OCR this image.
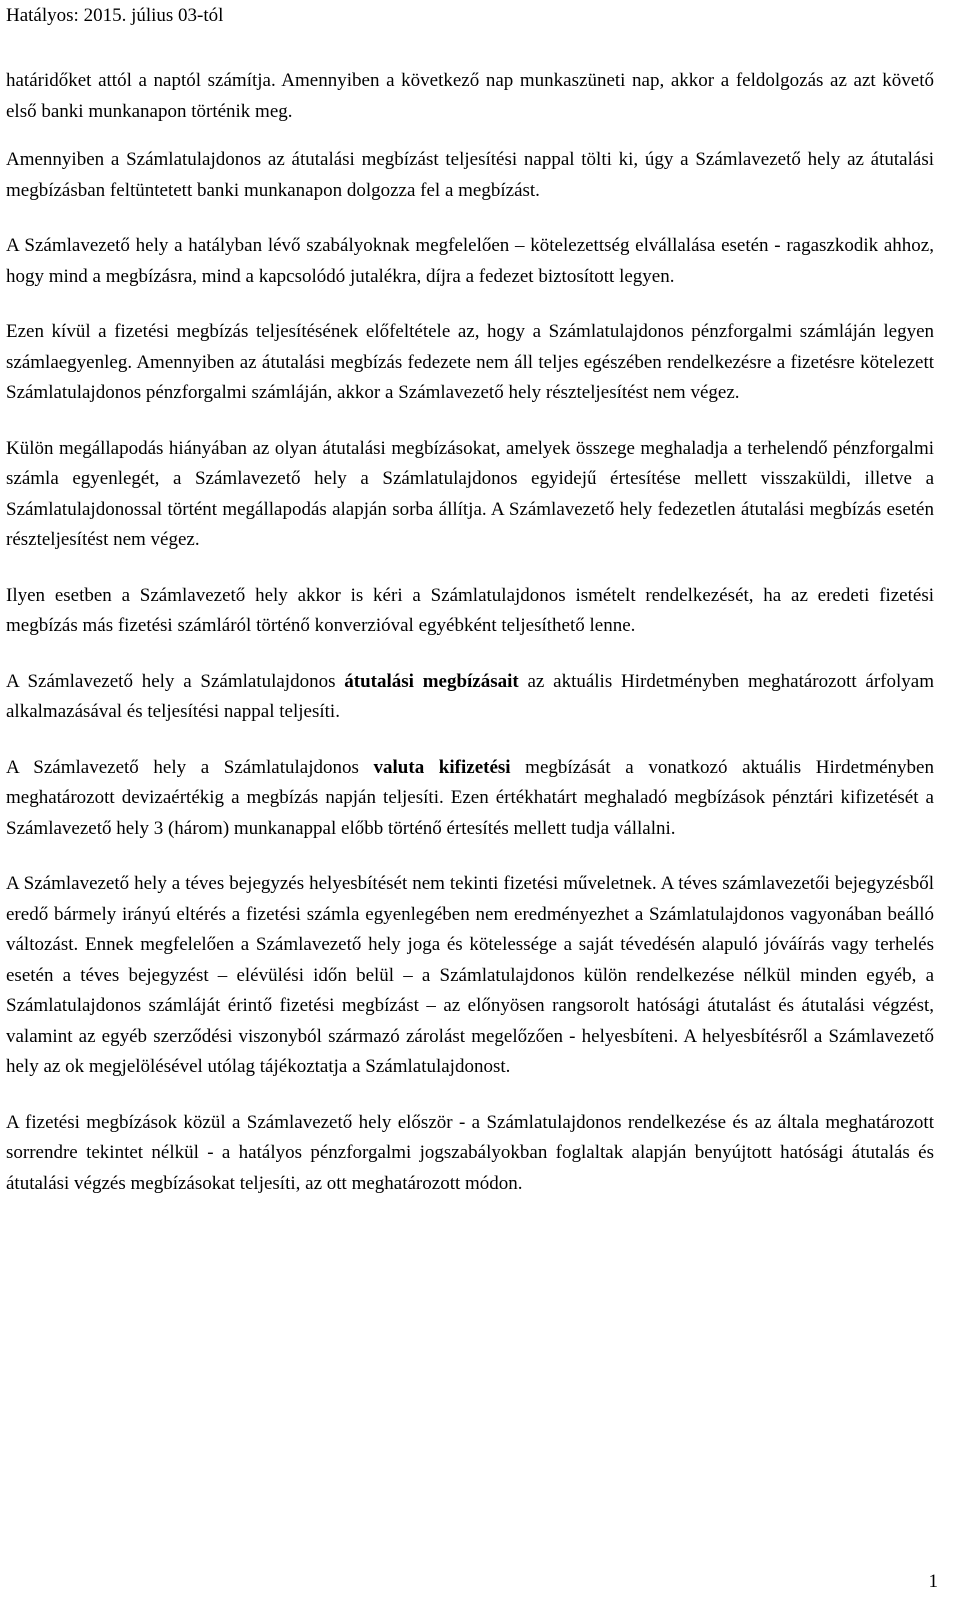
Hatályos: 2015. július 03-tól

határidőket attól a naptól számítja. Amennyiben a következő nap munkaszüneti nap, akkor a feldolgozás az azt követő első banki munkanapon történik meg.

Amennyiben a Számlatulajdonos az átutalási megbízást teljesítési nappal tölti ki, úgy a Számlavezető hely az átutalási megbízásban feltüntetett banki munkanapon dolgozza fel a megbízást.

A Számlavezető hely a hatályban lévő szabályoknak megfelelően – kötelezettség elvállalása esetén - ragaszkodik ahhoz, hogy mind a megbízásra, mind a kapcsolódó jutalékra, díjra a fedezet biztosított legyen.

Ezen kívül a fizetési megbízás teljesítésének előfeltétele az, hogy a Számlatulajdonos pénzforgalmi számláján legyen számlaegyenleg. Amennyiben az átutalási megbízás fedezete nem áll teljes egészében rendelkezésre a fizetésre kötelezett Számlatulajdonos pénzforgalmi számláján, akkor a Számlavezető hely részteljesítést nem végez.

Külön megállapodás hiányában az olyan átutalási megbízásokat, amelyek összege meghaladja a terhelendő pénzforgalmi számla egyenlegét, a Számlavezető hely a Számlatulajdonos egyidejű értesítése mellett visszaküldi, illetve a Számlatulajdonossal történt megállapodás alapján sorba állítja. A Számlavezető hely fedezetlen átutalási megbízás esetén részteljesítést nem végez.

Ilyen esetben a Számlavezető hely akkor is kéri a Számlatulajdonos ismételt rendelkezését, ha az eredeti fizetési megbízás más fizetési számláról történő konverzióval egyébként teljesíthető lenne.

A Számlavezető hely a Számlatulajdonos átutalási megbízásait az aktuális Hirdetményben meghatározott árfolyam alkalmazásával és teljesítési nappal teljesíti.

A Számlavezető hely a Számlatulajdonos valuta kifizetési megbízását a vonatkozó aktuális Hirdetményben meghatározott devizaértékig a megbízás napján teljesíti. Ezen értékhatárt meghaladó megbízások pénztári kifizetését a Számlavezető hely 3 (három) munkanappal előbb történő értesítés mellett tudja vállalni.

A Számlavezető hely a téves bejegyzés helyesbítését nem tekinti fizetési műveletnek. A téves számlavezetői bejegyzésből eredő bármely irányú eltérés a fizetési számla egyenlegében nem eredményezhet a Számlatulajdonos vagyonában beálló változást. Ennek megfelelően a Számlavezető hely joga és kötelessége a saját tévedésén alapuló jóváírás vagy terhelés esetén a téves bejegyzést – elévülési időn belül – a Számlatulajdonos külön rendelkezése nélkül minden egyéb, a Számlatulajdonos számláját érintő fizetési megbízást – az előnyösen rangsorolt hatósági átutalást és átutalási végzést, valamint az egyéb szerződési viszonyból származó zárolást megelőzően - helyesbíteni. A helyesbítésről a Számlavezető hely az ok megjelölésével utólag tájékoztatja a Számlatulajdonost.

A fizetési megbízások közül a Számlavezető hely először - a Számlatulajdonos rendelkezése és az általa meghatározott sorrendre tekintet nélkül - a hatályos pénzforgalmi jogszabályokban foglaltak alapján benyújtott hatósági átutalás és átutalási végzés megbízásokat teljesíti, az ott meghatározott módon.

1
